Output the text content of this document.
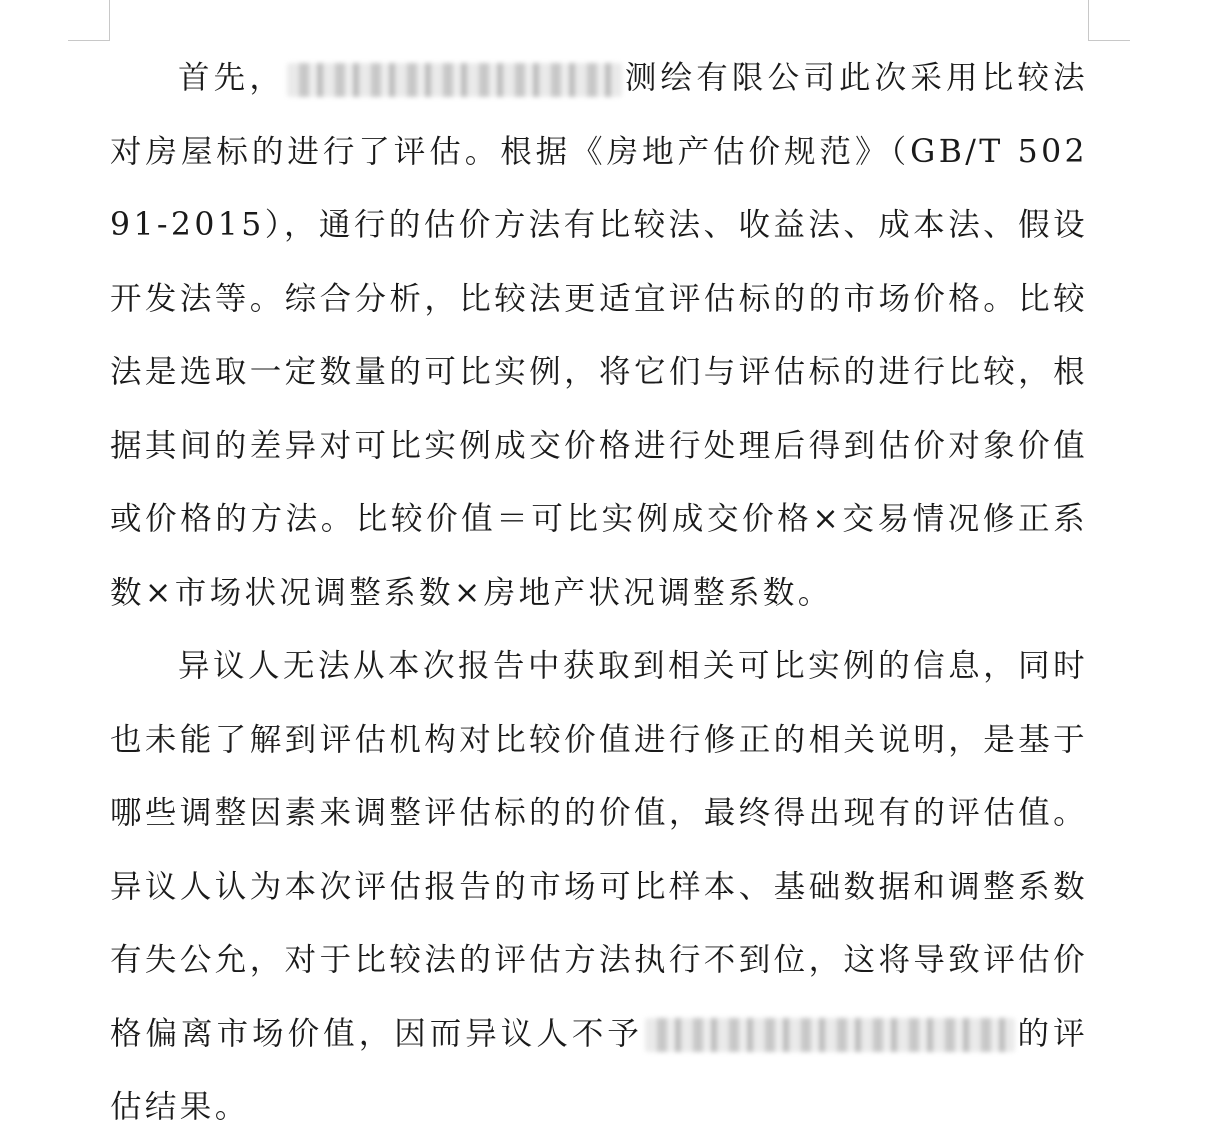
首先，	测绘有限公司此次采用比较法对房屋标的进行了评估。根据《房地产估价规范》（GB/T 50291-2015），通行的估价方法有比较法、收益法、成本法、假设开发法等。综合分析，比较法更适宜评估标的的市场价格。比较法是选取一定数量的可比实例，将它们与评估标的进行比较，根据其间的差异对可比实例成交价格进行处理后得到估价对象价值或价格的方法。比较价值＝可比实例成交价格×交易情况修正系数×市场状况调整系数×房地产状况调整系数。

异议人无法从本次报告中获取到相关可比实例的信息，同时也未能了解到评估机构对比较价值进行修正的相关说明，是基于哪些调整因素来调整评估标的的价值，最终得出现有的评估值。异议人认为本次评估报告的市场可比样本、基础数据和调整系数有失公允，对于比较法的评估方法执行不到位，这将导致评估价格偏离市场价值，因而异议人不予	的评估结果。
